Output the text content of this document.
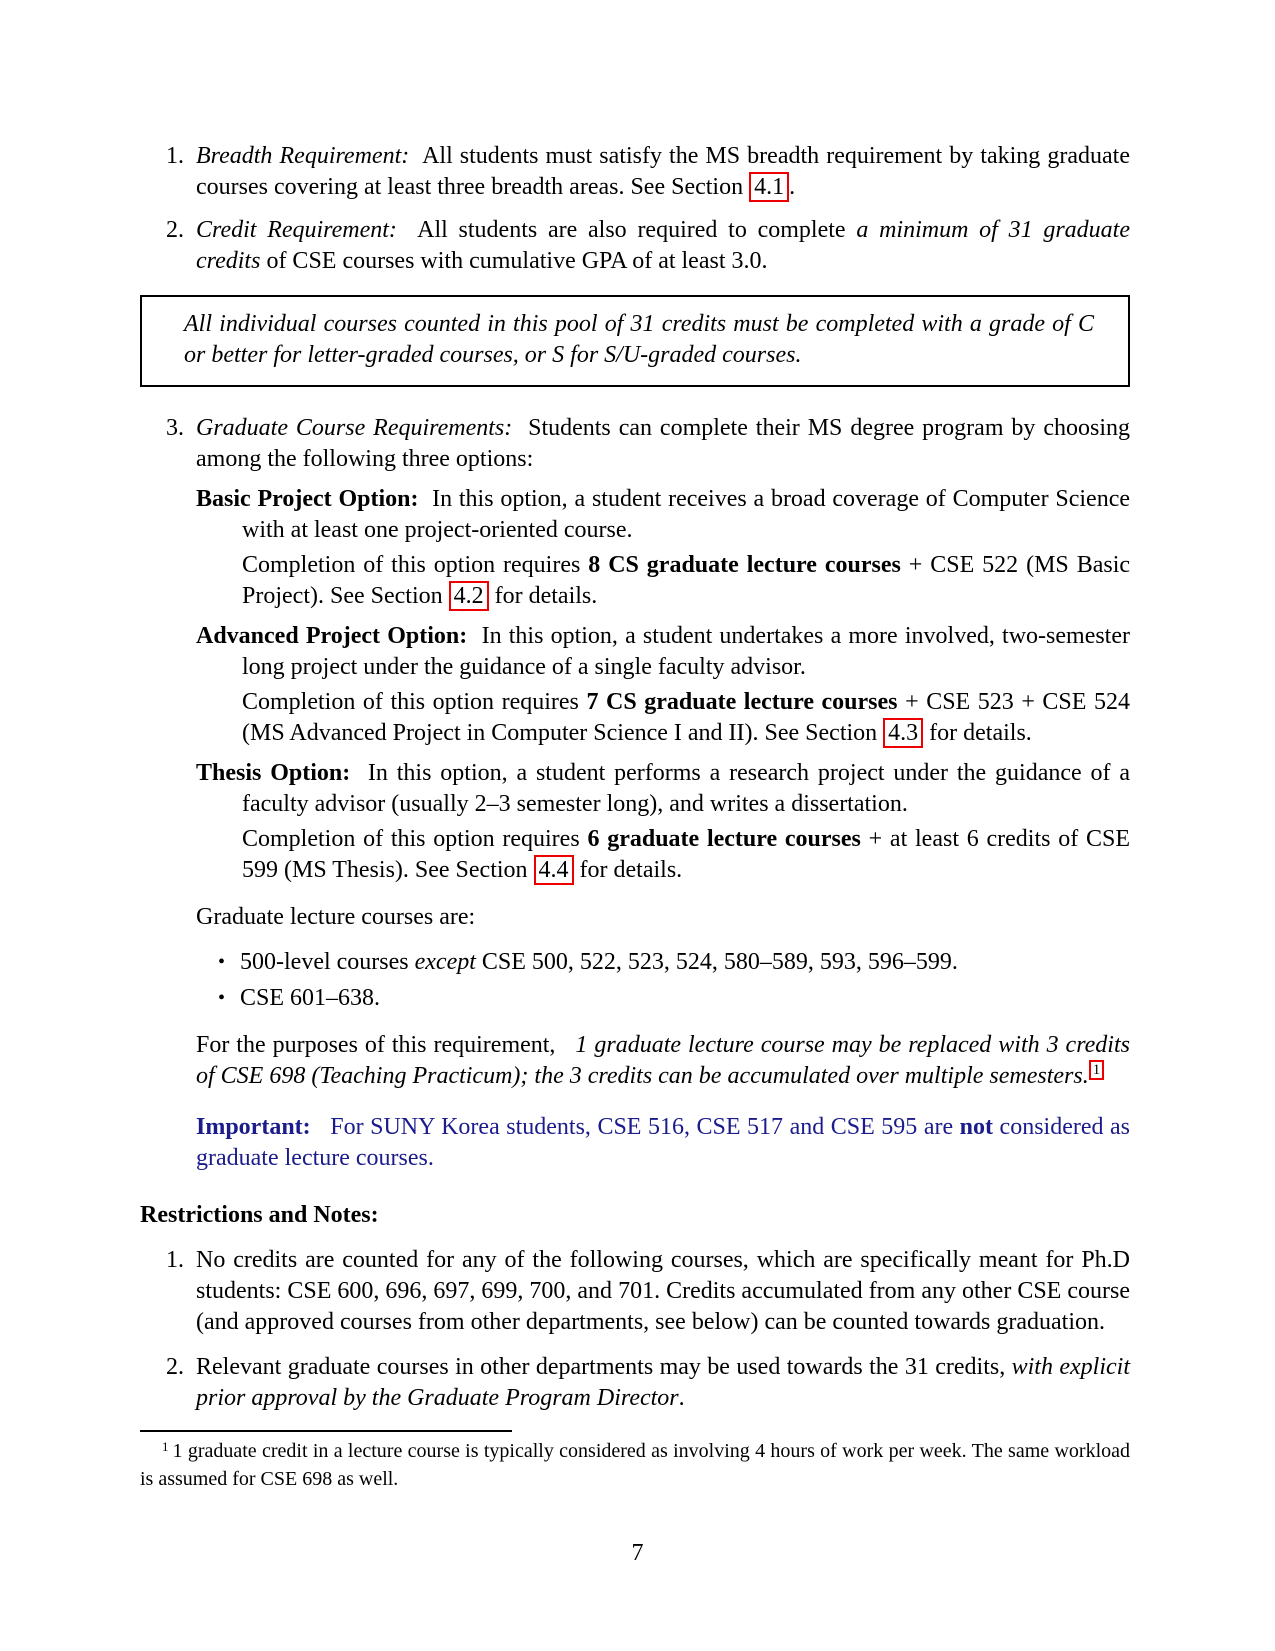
1. Breadth Requirement: All students must satisfy the MS breadth requirement by taking graduate courses covering at least three breadth areas. See Section 4.1 .
2. Credit Requirement: All students are also required to complete a minimum of 31 graduate credits of CSE courses with cumulative GPA of at least 3.0.
All individual courses counted in this pool of 31 credits must be completed with a grade of C or better for letter-graded courses, or S for S/U-graded courses.
3. Graduate Course Requirements: Students can complete their MS degree program by choosing among the following three options:
Basic Project Option: In this option, a student receives a broad coverage of Computer Science with at least one project-oriented course.
Completion of this option requires 8 CS graduate lecture courses + CSE 522 (MS Basic Project). See Section 4.2 for details.
Advanced Project Option: In this option, a student undertakes a more involved, two-semester long project under the guidance of a single faculty advisor.
Completion of this option requires 7 CS graduate lecture courses + CSE 523 + CSE 524 (MS Advanced Project in Computer Science I and II). See Section 4.3 for details.
Thesis Option: In this option, a student performs a research project under the guidance of a faculty advisor (usually 2–3 semester long), and writes a dissertation.
Completion of this option requires 6 graduate lecture courses + at least 6 credits of CSE 599 (MS Thesis). See Section 4.4 for details.
Graduate lecture courses are:
• 500-level courses except CSE 500, 522, 523, 524, 580–589, 593, 596–599.
• CSE 601–638.
For the purposes of this requirement, 1 graduate lecture course may be replaced with 3 credits of CSE 698 (Teaching Practicum); the 3 credits can be accumulated over multiple semesters. $^1$
Important: For SUNY Korea students, CSE 516, CSE 517 and CSE 595 are not considered as graduate lecture courses.
Restrictions and Notes:
1. No credits are counted for any of the following courses, which are specifically meant for Ph.D students: CSE 600, 696, 697, 699, 700, and 701. Credits accumulated from any other CSE course (and approved courses from other departments, see below) can be counted towards graduation.
2. Relevant graduate courses in other departments may be used towards the 31 credits, with explicit prior approval by the Graduate Program Director.
$^1$ 1 graduate credit in a lecture course is typically considered as involving 4 hours of work per week. The same workload is assumed for CSE 698 as well.
7
